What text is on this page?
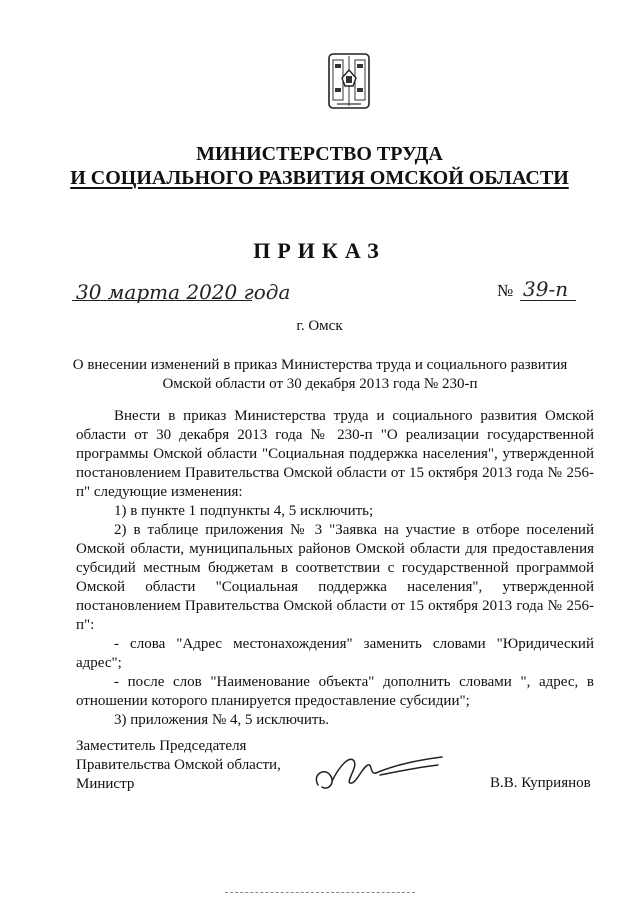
МИНИСТЕРСТВО ТРУДА
И СОЦИАЛЬНОГО РАЗВИТИЯ ОМСКОЙ ОБЛАСТИ
ПРИКАЗ
30 марта 2020 года	№ 39-п
г. Омск
О внесении изменений в приказ Министерства труда и социального развития Омской области от 30 декабря 2013 года № 230-п

Внести в приказ Министерства труда и социального развития Омской области от 30 декабря 2013 года № 230-п "О реализации государственной программы Омской области "Социальная поддержка населения", утвержденной постановлением Правительства Омской области от 15 октября 2013 года № 256-п" следующие изменения:

1) в пункте 1 подпункты 4, 5 исключить;

2) в таблице приложения № 3 "Заявка на участие в отборе поселений Омской области, муниципальных районов Омской области для предоставления субсидий местным бюджетам в соответствии с государственной программой Омской области "Социальная поддержка населения", утвержденной постановлением Правительства Омской области от 15 октября 2013 года № 256-п":

- слова "Адрес местонахождения" заменить словами "Юридический адрес";

- после слов "Наименование объекта" дополнить словами ", адрес, в отношении которого планируется предоставление субсидии";

3) приложения № 4, 5 исключить.

Заместитель Председателя
Правительства Омской области,
Министр	В.В. Куприянов
